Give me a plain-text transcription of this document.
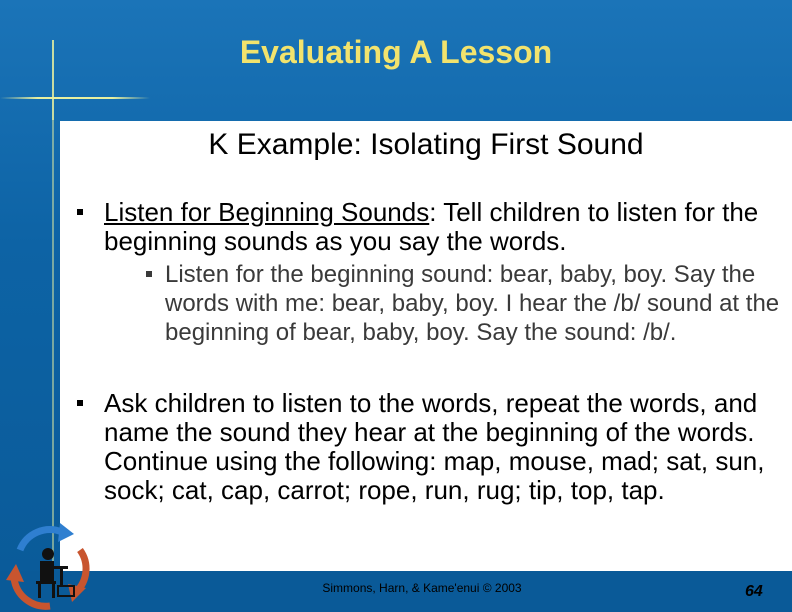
Evaluating A Lesson
K Example: Isolating First Sound
Listen for Beginning Sounds: Tell children to listen for the beginning sounds as you say the words.
Listen for the beginning sound: bear, baby, boy. Say the words with me: bear, baby, boy. I hear the /b/ sound at the beginning of bear, baby, boy. Say the sound: /b/.
Ask children to listen to the words, repeat the words, and name the sound they hear at the beginning of the words. Continue using the following: map, mouse, mad; sat, sun, sock; cat, cap, carrot; rope, run, rug; tip, top, tap.
Simmons, Harn, & Kame'enui © 2003	64
